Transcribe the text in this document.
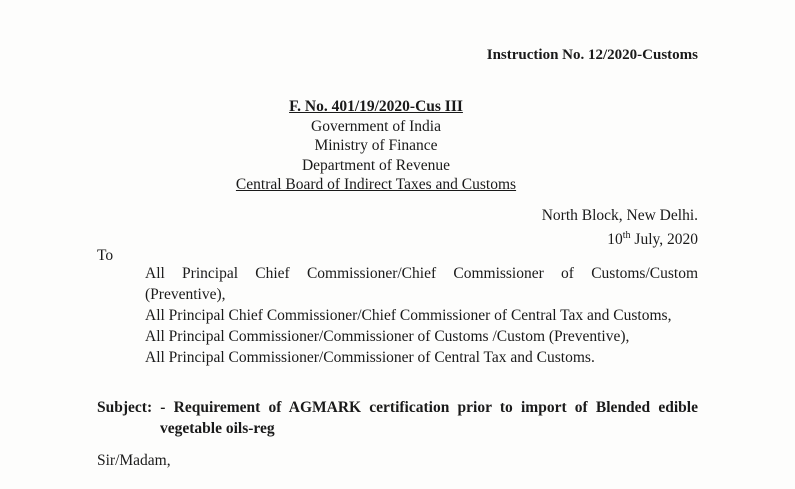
Instruction No. 12/2020-Customs
F. No. 401/19/2020-Cus III
Government of India
Ministry of Finance
Department of Revenue
Central Board of Indirect Taxes and Customs
North Block, New Delhi.
10th July, 2020
To
All Principal Chief Commissioner/Chief Commissioner of Customs/Custom
(Preventive),
All Principal Chief Commissioner/Chief Commissioner of Central Tax and Customs,
All Principal Commissioner/Commissioner of Customs /Custom (Preventive),
All Principal Commissioner/Commissioner of Central Tax and Customs.
Subject: - Requirement of AGMARK certification prior to import of Blended edible
vegetable oils-reg
Sir/Madam,
